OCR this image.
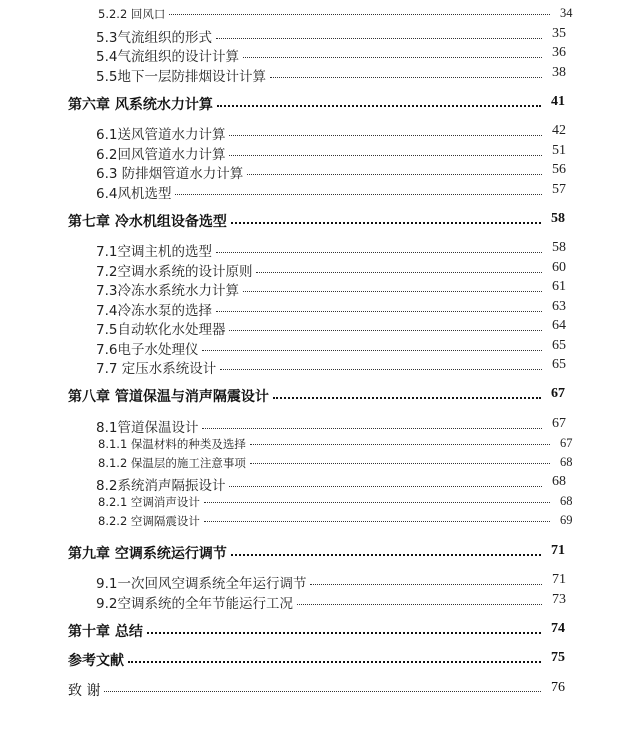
5.2.2 回风口	34
5.3气流组织的形式	35
5.4气流组织的设计计算	36
5.5地下一层防排烟设计计算	38
第六章 风系统水力计算	41
6.1送风管道水力计算	42
6.2回风管道水力计算	51
6.3 防排烟管道水力计算	56
6.4风机选型	57
第七章 冷水机组设备选型	58
7.1空调主机的选型	58
7.2空调水系统的设计原则	60
7.3冷冻水系统水力计算	61
7.4冷冻水泵的选择	63
7.5自动软化水处理器	64
7.6电子水处理仪	65
7.7 定压水系统设计	65
第八章 管道保温与消声隔震设计	67
8.1管道保温设计	67
8.1.1 保温材料的种类及选择	67
8.1.2 保温层的施工注意事项	68
8.2系统消声隔振设计	68
8.2.1 空调消声设计	68
8.2.2 空调隔震设计	69
第九章 空调系统运行调节	71
9.1一次回风空调系统全年运行调节	71
9.2空调系统的全年节能运行工况	73
第十章 总结	74
参考文献	75
致 谢	76
